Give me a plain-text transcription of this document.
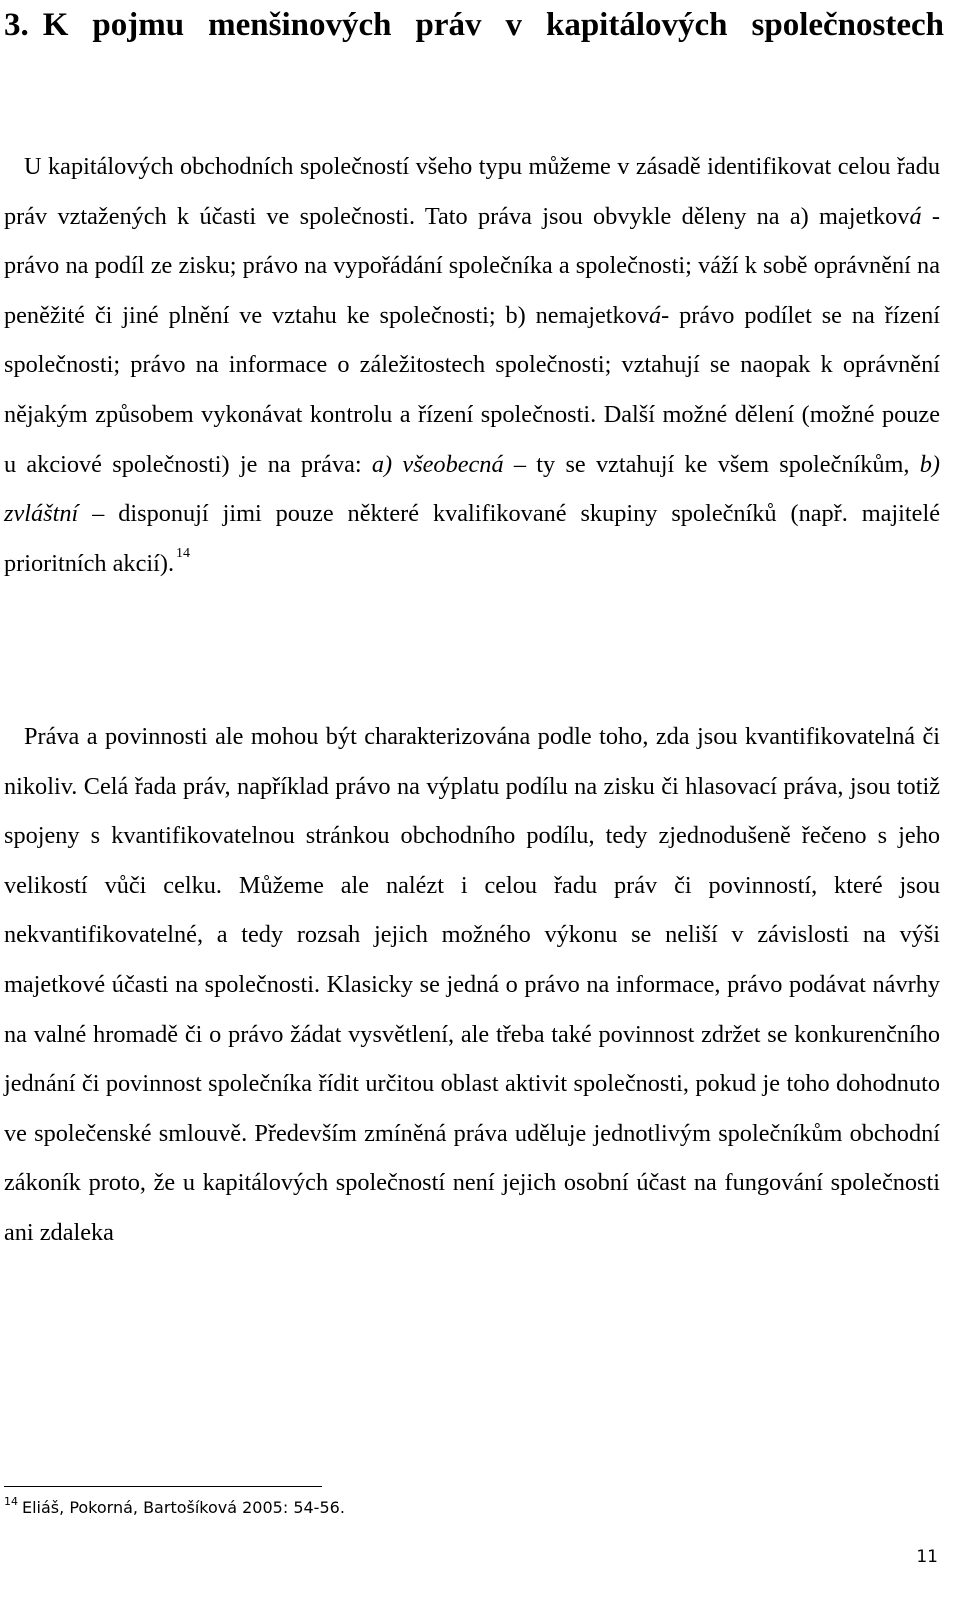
3. K pojmu menšinových práv v kapitálových společnostech

U kapitálových obchodních společností všeho typu můžeme v zásadě identifikovat celou řadu práv vztažených k účasti ve společnosti. Tato práva jsou obvykle děleny na a) majetková - právo na podíl ze zisku; právo na vypořádání společníka a společnosti; váží k sobě oprávnění na peněžité či jiné plnění ve vztahu ke společnosti; b) nemajetková- právo podílet se na řízení společnosti; právo na informace o záležitostech společnosti; vztahují se naopak k oprávnění nějakým způsobem vykonávat kontrolu a řízení společnosti. Další možné dělení (možné pouze u akciové společnosti) je na práva: a) všeobecná – ty se vztahují ke všem společníkům, b) zvláštní – disponují jimi pouze některé kvalifikované skupiny společníků (např. majitelé prioritních akcií). $^{14}$

Práva a povinnosti ale mohou být charakterizována podle toho, zda jsou kvantifikovatelná či nikoliv. Celá řada práv, například právo na výplatu podílu na zisku či hlasovací práva, jsou totiž spojeny s kvantifikovatelnou stránkou obchodního podílu, tedy zjednodušeně řečeno s jeho velikostí vůči celku. Můžeme ale nalézt i celou řadu práv či povinností, které jsou nekvantifikovatelné, a tedy rozsah jejich možného výkonu se neliší v závislosti na výši majetkové účasti na společnosti. Klasicky se jedná o právo na informace, právo podávat návrhy na valné hromadě či o právo žádat vysvětlení, ale třeba také povinnost zdržet se konkurenčního jednání či povinnost společníka řídit určitou oblast aktivit společnosti, pokud je toho dohodnuto ve společenské smlouvě. Především zmíněná práva uděluje jednotlivým společníkům obchodní zákoník proto, že u kapitálových společností není jejich osobní účast na fungování společnosti ani zdaleka

$^{14}$ Eliáš, Pokorná, Bartošíková 2005: 54-56.

11
